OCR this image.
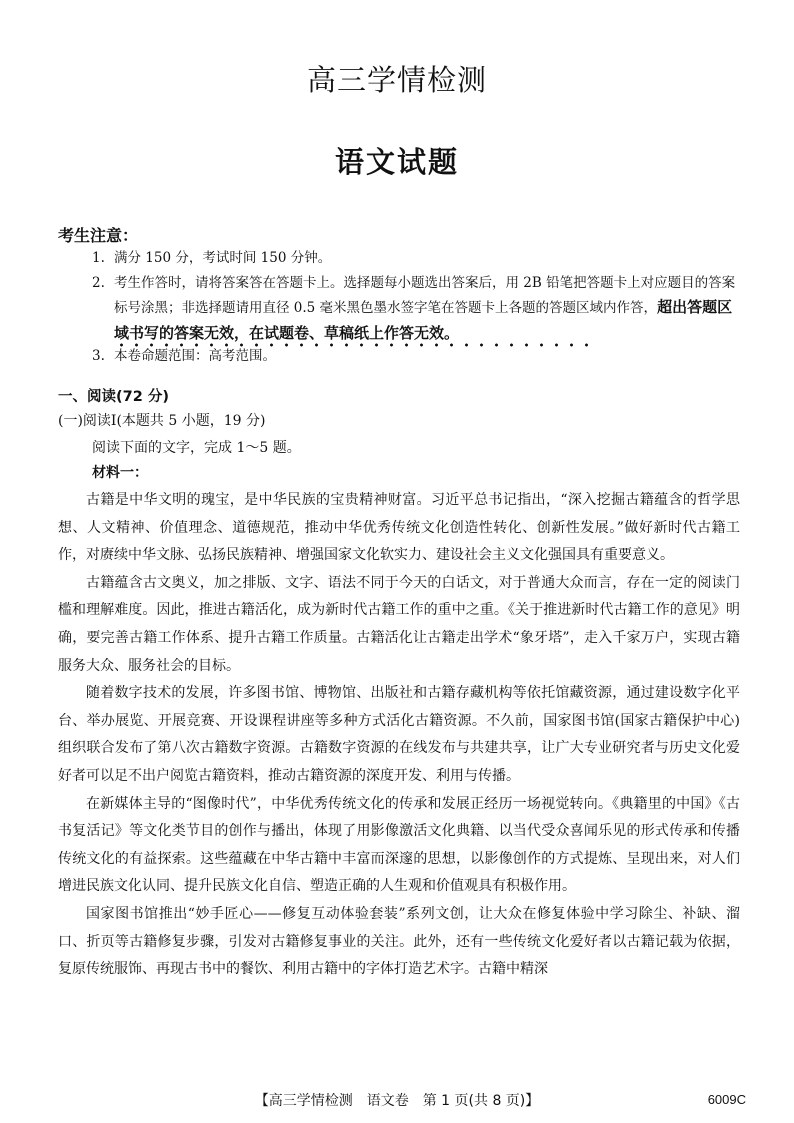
高三学情检测
语文试题
考生注意：
1. 满分 150 分，考试时间 150 分钟。
2. 考生作答时，请将答案答在答题卡上。选择题每小题选出答案后，用 2B 铅笔把答题卡上对应题目的答案标号涂黑；非选择题请用直径 0.5 毫米黑色墨水签字笔在答题卡上各题的答题区域内作答，超出答题区域书写的答案无效，在试题卷、草稿纸上作答无效。
3. 本卷命题范围：高考范围。
一、阅读(72 分)
(一)阅读Ⅰ(本题共 5 小题，19 分)
阅读下面的文字，完成 1～5 题。
材料一：

古籍是中华文明的瑰宝，是中华民族的宝贵精神财富。习近平总书记指出，“深入挖掘古籍蕴含的哲学思想、人文精神、价值理念、道德规范，推动中华优秀传统文化创造性转化、创新性发展。”做好新时代古籍工作，对赓续中华文脉、弘扬民族精神、增强国家文化软实力、建设社会主义文化强国具有重要意义。

古籍蕴含古文奥义，加之排版、文字、语法不同于今天的白话文，对于普通大众而言，存在一定的阅读门槛和理解难度。因此，推进古籍活化，成为新时代古籍工作的重中之重。《关于推进新时代古籍工作的意见》明确，要完善古籍工作体系、提升古籍工作质量。古籍活化让古籍走出学术“象牙塔”，走入千家万户，实现古籍服务大众、服务社会的目标。

随着数字技术的发展，许多图书馆、博物馆、出版社和古籍存藏机构等依托馆藏资源，通过建设数字化平台、举办展览、开展竞赛、开设课程讲座等多种方式活化古籍资源。不久前，国家图书馆(国家古籍保护中心)组织联合发布了第八次古籍数字资源。古籍数字资源的在线发布与共建共享，让广大专业研究者与历史文化爱好者可以足不出户阅览古籍资料，推动古籍资源的深度开发、利用与传播。

在新媒体主导的“图像时代”，中华优秀传统文化的传承和发展正经历一场视觉转向。《典籍里的中国》《古书复活记》等文化类节目的创作与播出，体现了用影像激活文化典籍、以当代受众喜闻乐见的形式传承和传播传统文化的有益探索。这些蕴藏在中华古籍中丰富而深邃的思想，以影像创作的方式提炼、呈现出来，对人们增进民族文化认同、提升民族文化自信、塑造正确的人生观和价值观具有积极作用。

国家图书馆推出“妙手匠心——修复互动体验套装”系列文创，让大众在修复体验中学习除尘、补缺、溜口、折页等古籍修复步骤，引发对古籍修复事业的关注。此外，还有一些传统文化爱好者以古籍记载为依据，复原传统服饰、再现古书中的餐饮、利用古籍中的字体打造艺术字。古籍中精深

【高三学情检测　语文卷　第 1 页(共 8 页)】	6009C
